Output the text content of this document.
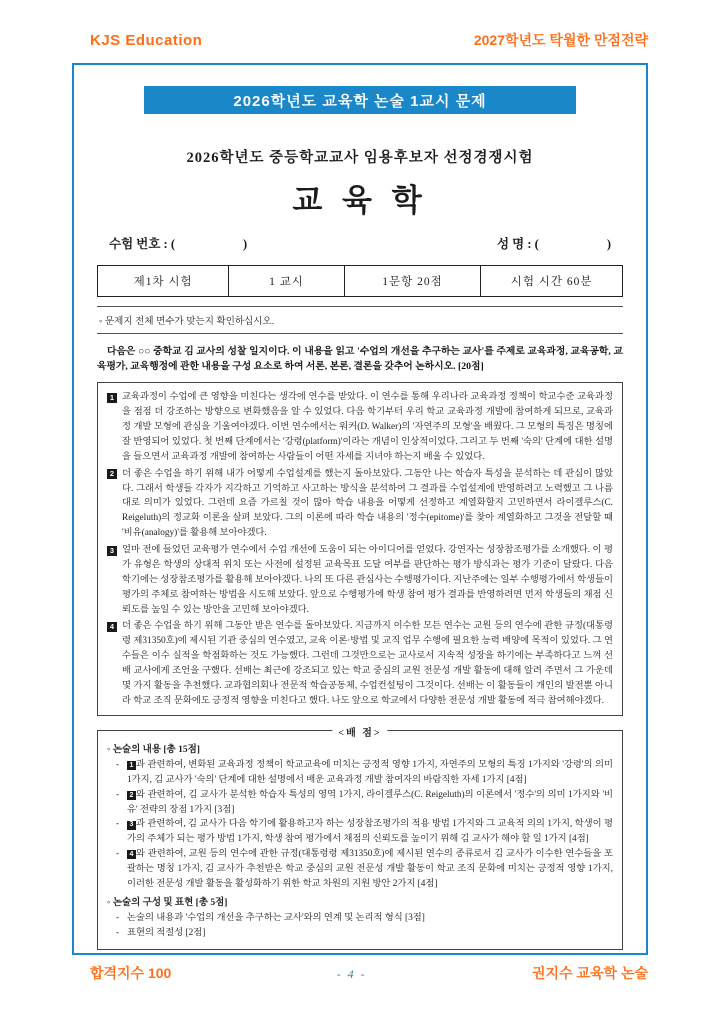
KJS Education	2027학년도 탁월한 만점전략
2026학년도 교육학 논술 1교시 문제
2026학년도 중등학교교사 임용후보자 선정경쟁시험
교 육 학
수험 번호 : (	)	성 명 : (	)
제1차 시험	1 교시	1문항 20점	시험 시간 60분
◦ 문제지 전체 면수가 맞는지 확인하십시오.
다음은 ○○ 중학교 김 교사의 성찰 일지이다. 이 내용을 읽고 '수업의 개선을 추구하는 교사'를 주제로 교육과정, 교육공학, 교육평가, 교육행정에 관한 내용을 구성 요소로 하여 서론, 본론, 결론을 갖추어 논하시오. [20점]
1 교육과정이 수업에 큰 영향을 미친다는 생각에 연수를 받았다. 이 연수를 통해 우리나라 교육과정 정책이 학교수준 교육과정을 점점 더 강조하는 방향으로 변화했음을 알 수 있었다. 다음 학기부터 우리 학교 교육과정 개발에 참여하게 되므로, 교육과정 개발 모형에 관심을 기울여야겠다. 이번 연수에서는 워커(D. Walker)의 '자연주의 모형'을 배웠다. 그 모형의 특징은 명칭에 잘 반영되어 있었다. 첫 번째 단계에서는 '강령(platform)'이라는 개념이 인상적이었다. 그리고 두 번째 '숙의' 단계에 대한 설명을 들으면서 교육과정 개발에 참여하는 사람들이 어떤 자세를 지녀야 하는지 배울 수 있었다.
2 더 좋은 수업을 하기 위해 내가 어떻게 수업설계를 했는지 돌아보았다. 그동안 나는 학습자 특성을 분석하는 데 관심이 많았다. 그래서 학생들 각자가 지각하고 기억하고 사고하는 방식을 분석하여 그 결과를 수업설계에 반영하려고 노력했고 그 나름대로 의미가 있었다. 그런데 요즘 가르칠 것이 많아 학습 내용을 어떻게 선정하고 계열화할지 고민하면서 라이겔루스(C. Reigeluth)의 정교화 이론을 살펴 보았다. 그의 이론에 따라 학습 내용의 '정수(epitome)'를 찾아 계열화하고 그것을 전달할 때 '비유(analogy)'를 활용해 보아야겠다.
3 얼마 전에 들었던 교육평가 연수에서 수업 개선에 도움이 되는 아이디어를 얻었다. 강연자는 성장참조평가를 소개했다. 이 평가 유형은 학생의 상대적 위치 또는 사전에 설정된 교육목표 도달 여부를 판단하는 평가 방식과는 평가 기준이 달랐다. 다음 학기에는 성장참조평가를 활용해 보아야겠다. 나의 또 다른 관심사는 수행평가이다. 지난주에는 일부 수행평가에서 학생들이 평가의 주체로 참여하는 방법을 시도해 보았다. 앞으로 수행평가에 학생 참여 평가 결과를 반영하려면 먼저 학생들의 채점 신뢰도를 높일 수 있는 방안을 고민해 보아야겠다.
4 더 좋은 수업을 하기 위해 그동안 받은 연수를 돌아보았다. 지금까지 이수한 모든 연수는 교원 등의 연수에 관한 규정(대통령령 제31350호)에 제시된 기관 중심의 연수였고, 교육 이론·방법 및 교직 업무 수행에 필요한 능력 배양에 목적이 있었다. 그 연수들은 이수 실적을 학점화하는 것도 가능했다. 그런데 그것만으로는 교사로서 지속적 성장을 하기에는 부족하다고 느껴 선배 교사에게 조언을 구했다. 선배는 최근에 강조되고 있는 학교 중심의 교원 전문성 개발 활동에 대해 알려 주면서 그 가운데 몇 가지 활동을 추천했다. 교과협의회나 전문적 학습공동체, 수업컨설팅이 그것이다. 선배는 이 활동들이 개인의 발전뿐 아니라 학교 조직 문화에도 긍정적 영향을 미친다고 했다. 나도 앞으로 학교에서 다양한 전문성 개발 활동에 적극 참여해야겠다.
<배 점>
◦ 논술의 내용 [총 15점]
- 1 과 관련하여, 변화된 교육과정 정책이 학교교육에 미치는 긍정적 영향 1가지, 자연주의 모형의 특징 1가지와 '강령'의 의미 1가지, 김 교사가 '숙의' 단계에 대한 설명에서 배운 교육과정 개발 참여자의 바람직한 자세 1가지 [4점]
- 2 와 관련하여, 김 교사가 분석한 학습자 특성의 영역 1가지, 라이겔루스(C. Reigeluth)의 이론에서 '정수'의 의미 1가지와 '비유' 전략의 장점 1가지 [3점]
- 3 과 관련하여, 김 교사가 다음 학기에 활용하고자 하는 성장참조평가의 적용 방법 1가지와 그 교육적 의의 1가지, 학생이 평가의 주체가 되는 평가 방법 1가지, 학생 참여 평가에서 채점의 신뢰도를 높이기 위해 김 교사가 해야 할 일 1가지 [4점]
- 4 와 관련하여, 교원 등의 연수에 관한 규정(대통령령 제31350호)에 제시된 연수의 종류로서 김 교사가 이수한 연수들을 포괄하는 명칭 1가지, 김 교사가 추천받은 학교 중심의 교원 전문성 개발 활동이 학교 조직 문화에 미치는 긍정적 영향 1가지, 이러한 전문성 개발 활동을 활성화하기 위한 학교 차원의 지원 방안 2가지 [4점]
◦ 논술의 구성 및 표현 [총 5점]
- 논술의 내용과 '수업의 개선을 추구하는 교사'와의 연계 및 논리적 형식 [3점]
- 표현의 적절성 [2점]
합격지수 100	- 4 -	권지수 교육학 논술
